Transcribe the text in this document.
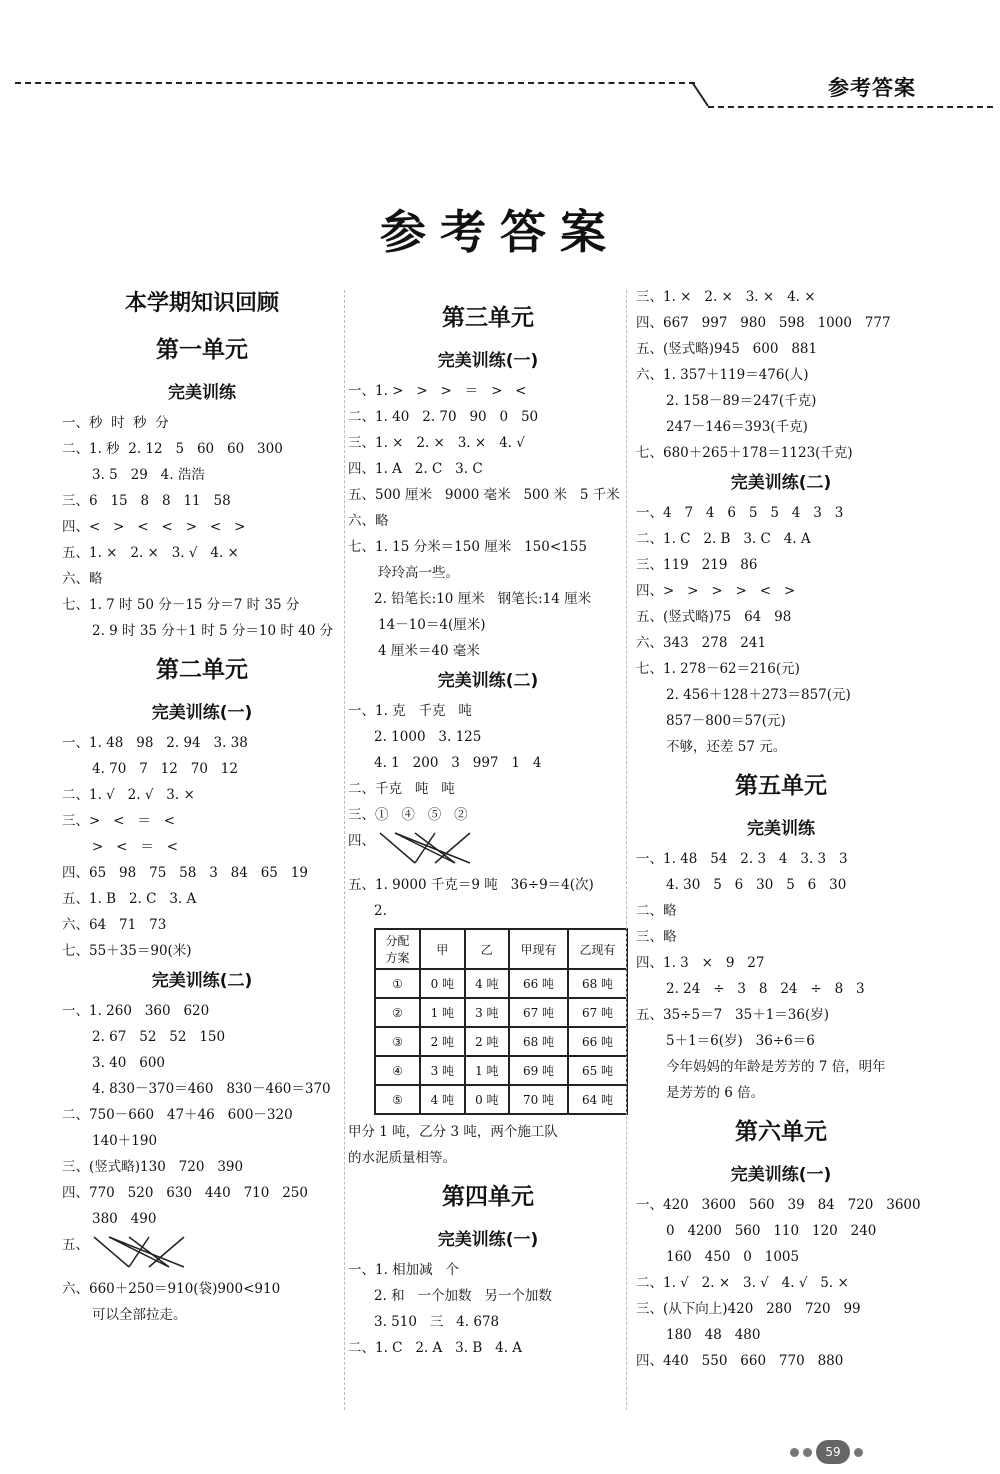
参考答案
参考答案
本学期知识回顾
第一单元
完美训练
一、秒  时  秒  分
二、1. 秒  2. 12   5   60   60   300
3. 5   29   4. 浩浩
三、6   15   8   8   11   58
四、<   >   <   <   >   <   >
五、1. ×   2. ×   3. √   4. ×
六、略
七、1. 7 时 50 分－15 分＝7 时 35 分
2. 9 时 35 分＋1 时 5 分＝10 时 40 分
第二单元
完美训练(一)
一、1. 48   98   2. 94   3. 38
4. 70   7   12   70   12
二、1. √   2. √   3. ×
三、>   <   ＝   <
>   <   ＝   <
四、65   98   75   58   3   84   65   19
五、1. B   2. C   3. A
六、64   71   73
七、55＋35＝90(米)
完美训练(二)
一、1. 260   360   620
2. 67   52   52   150
3. 40   600
4. 830－370＝460   830－460＝370
二、750－660   47＋46   600－320
140＋190
三、(竖式略)130   720   390
四、770   520   630   440   710   250
380   490
五、
六、660＋250＝910(袋)900<910
可以全部拉走。
第三单元
完美训练(一)
一、1. >   >   >   ＝   >   <
二、1. 40   2. 70   90   0   50
三、1. ×   2. ×   3. ×   4. √
四、1. A   2. C   3. C
五、500 厘米   9000 毫米   500 米   5 千米
六、略
七、1. 15 分米＝150 厘米   150<155
玲玲高一些。
2. 铅笔长:10 厘米   钢笔长:14 厘米
14－10＝4(厘米)
4 厘米＝40 毫米
完美训练(二)
一、1. 克   千克   吨
2. 1000   3. 125
4. 1   200   3   997   1   4
二、千克   吨   吨
三、①   ④   ⑤   ②
四、
五、1. 9000 千克＝9 吨   36÷9＝4(次)
2.
分配
方案	甲	乙	甲现有	乙现有
①	0 吨	4 吨	66 吨	68 吨
②	1 吨	3 吨	67 吨	67 吨
③	2 吨	2 吨	68 吨	66 吨
④	3 吨	1 吨	69 吨	65 吨
⑤	4 吨	0 吨	70 吨	64 吨
甲分 1 吨，乙分 3 吨，两个施工队
的水泥质量相等。
第四单元
完美训练(一)
一、1. 相加减   个
2. 和   一个加数   另一个加数
3. 510   三   4. 678
二、1. C   2. A   3. B   4. A
三、1. ×   2. ×   3. ×   4. ×
四、667   997   980   598   1000   777
五、(竖式略)945   600   881
六、1. 357＋119＝476(人)
2. 158－89＝247(千克)
247－146＝393(千克)
七、680＋265＋178＝1123(千克)
完美训练(二)
一、4   7   4   6   5   5   4   3   3
二、1. C   2. B   3. C   4. A
三、119   219   86
四、>   >   >   >   <   >
五、(竖式略)75   64   98
六、343   278   241
七、1. 278－62＝216(元)
2. 456＋128＋273＝857(元)
857－800＝57(元)
不够，还差 57 元。
第五单元
完美训练
一、1. 48   54   2. 3   4   3. 3   3
4. 30   5   6   30   5   6   30
二、略
三、略
四、1. 3   ×   9   27
2. 24   ÷   3   8   24   ÷   8   3
五、35÷5＝7   35＋1＝36(岁)
5＋1＝6(岁)   36÷6＝6
今年妈妈的年龄是芳芳的 7 倍，明年
是芳芳的 6 倍。
第六单元
完美训练(一)
一、420   3600   560   39   84   720   3600
0   4200   560   110   120   240
160   450   0   1005
二、1. √   2. ×   3. √   4. √   5. ×
三、(从下向上)420   280   720   99
180   48   480
四、440   550   660   770   880
59
